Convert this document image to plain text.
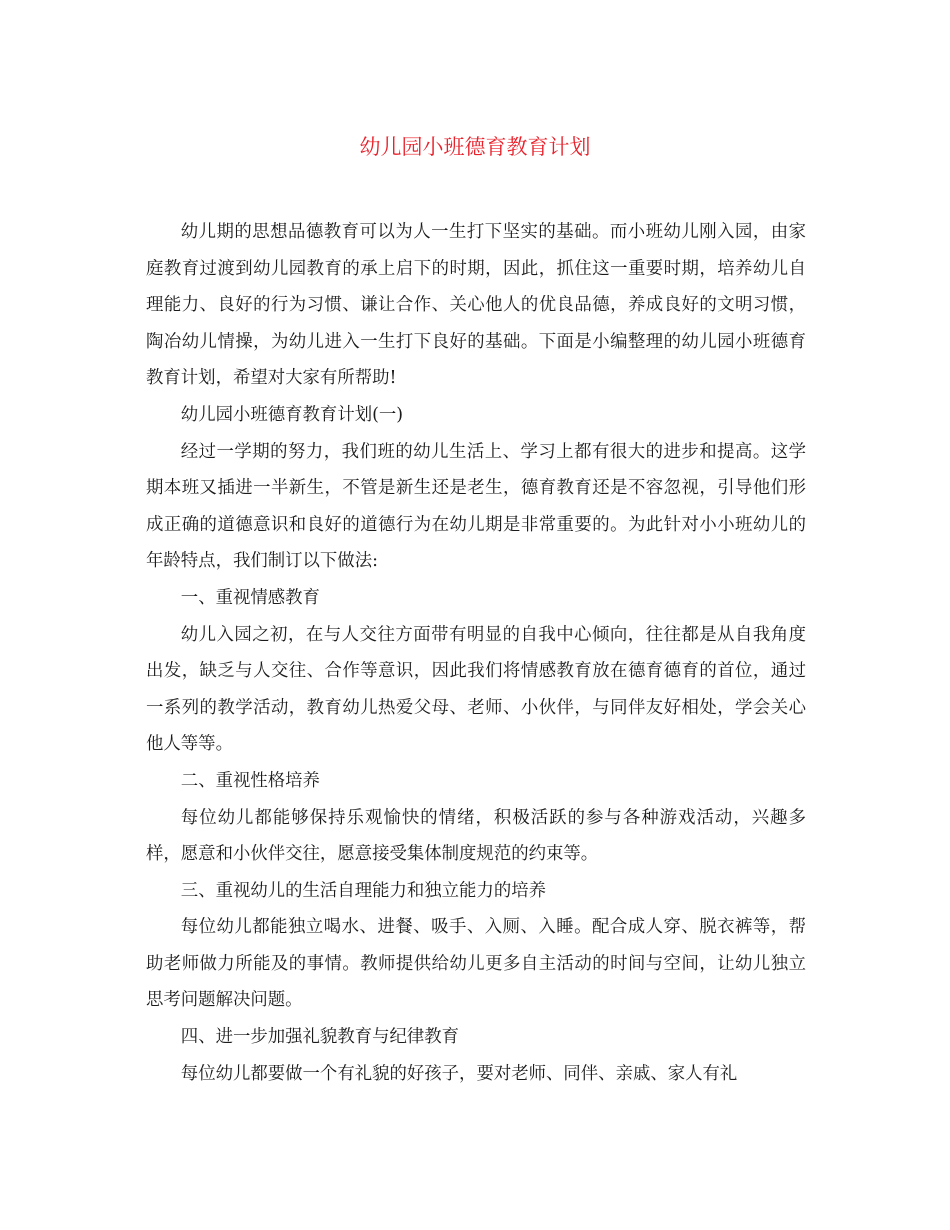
幼儿园小班德育教育计划

幼儿期的思想品德教育可以为人一生打下坚实的基础。而小班幼儿刚入园，由家庭教育过渡到幼儿园教育的承上启下的时期，因此，抓住这一重要时期，培养幼儿自理能力、良好的行为习惯、谦让合作、关心他人的优良品德，养成良好的文明习惯，陶冶幼儿情操，为幼儿进入一生打下良好的基础。下面是小编整理的幼儿园小班德育教育计划，希望对大家有所帮助!

幼儿园小班德育教育计划(一)

经过一学期的努力，我们班的幼儿生活上、学习上都有很大的进步和提高。这学期本班又插进一半新生，不管是新生还是老生，德育教育还是不容忽视，引导他们形成正确的道德意识和良好的道德行为在幼儿期是非常重要的。为此针对小小班幼儿的年龄特点，我们制订以下做法:

一、重视情感教育

幼儿入园之初，在与人交往方面带有明显的自我中心倾向，往往都是从自我角度出发，缺乏与人交往、合作等意识，因此我们将情感教育放在德育德育的首位，通过一系列的教学活动，教育幼儿热爱父母、老师、小伙伴，与同伴友好相处，学会关心他人等等。

二、重视性格培养

每位幼儿都能够保持乐观愉快的情绪，积极活跃的参与各种游戏活动，兴趣多样，愿意和小伙伴交往，愿意接受集体制度规范的约束等。

三、重视幼儿的生活自理能力和独立能力的培养

每位幼儿都能独立喝水、进餐、吸手、入厕、入睡。配合成人穿、脱衣裤等，帮助老师做力所能及的事情。教师提供给幼儿更多自主活动的时间与空间，让幼儿独立思考问题解决问题。

四、进一步加强礼貌教育与纪律教育

每位幼儿都要做一个有礼貌的好孩子，要对老师、同伴、亲戚、家人有礼
